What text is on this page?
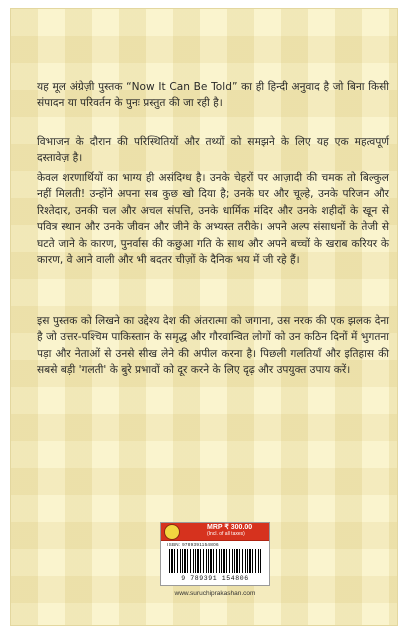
यह मूल अंग्रेज़ी पुस्तक “Now It Can Be Told” का ही हिन्दी अनुवाद है जो बिना किसी संपादन या परिवर्तन के पुनः प्रस्तुत की जा रही है।

विभाजन के दौरान की परिस्थितियों और तथ्यों को समझने के लिए यह एक महत्वपूर्ण दस्तावेज़ है।

केवल शरणार्थियों का भाग्य ही असंदिग्ध है। उनके चेहरों पर आज़ादी की चमक तो बिल्कुल नहीं मिलती! उन्होंने अपना सब कुछ खो दिया है; उनके घर और चूल्हे, उनके परिजन और रिश्तेदार, उनकी चल और अचल संपत्ति, उनके धार्मिक मंदिर और उनके शहीदों के खून से पवित्र स्थान और उनके जीवन और जीने के अभ्यस्त तरीके। अपने अल्प संसाधनों के तेजी से घटते जाने के कारण, पुनर्वास की कछुआ गति के साथ और अपने बच्चों के खराब करियर के कारण, वे आने वाली और भी बदतर चीज़ों के दैनिक भय में जी रहे हैं।

इस पुस्तक को लिखने का उद्देश्य देश की अंतरात्मा को जगाना, उस नरक की एक झलक देना है जो उत्तर-पश्चिम पाकिस्तान के समृद्ध और गौरवान्वित लोगों को उन कठिन दिनों में भुगतना पड़ा और नेताओं से उनसे सीख लेने की अपील करना है। पिछली गलतियाँ और इतिहास की सबसे बड़ी 'गलती' के बुरे प्रभावों को दूर करने के लिए दृढ़ और उपयुक्त उपाय करें।

MRP ₹ 300.00
(Incl. of all taxes)
ISBN: 9789391154806
9 789391 154806
www.suruchiprakashan.com
